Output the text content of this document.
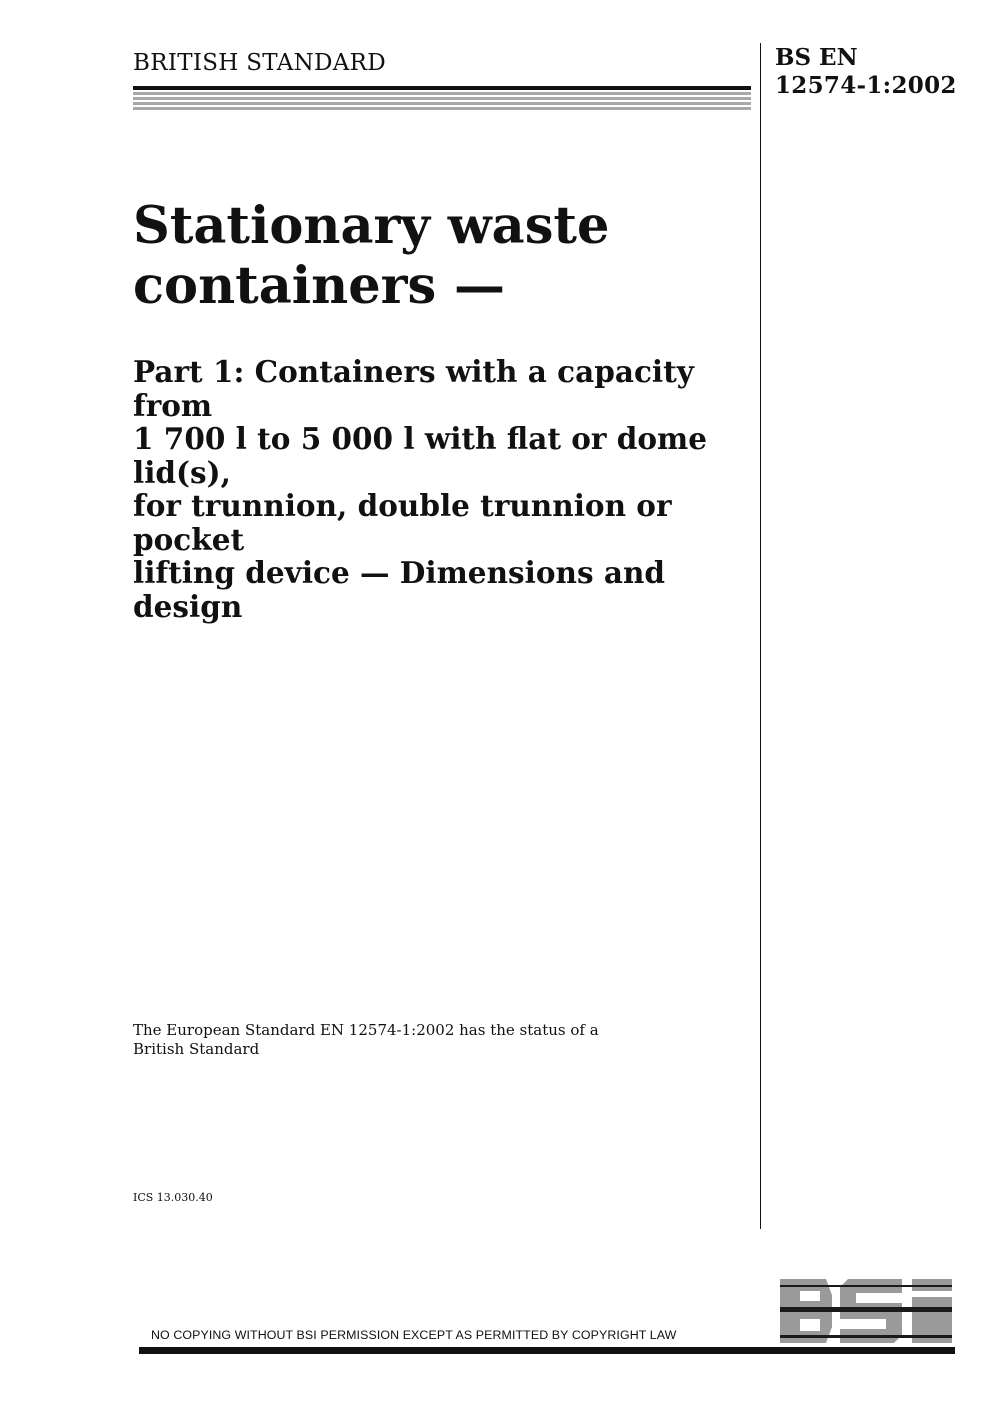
BRITISH STANDARD	BS EN
12574-1:2002
Stationary waste
containers —
Part 1: Containers with a capacity from
1 700 l to 5 000 l with flat or dome lid(s),
for trunnion, double trunnion or pocket
lifting device — Dimensions and design
The European Standard EN 12574-1:2002 has the status of a
British Standard
ICS 13.030.40
NO COPYING WITHOUT BSI PERMISSION EXCEPT AS PERMITTED BY COPYRIGHT LAW
